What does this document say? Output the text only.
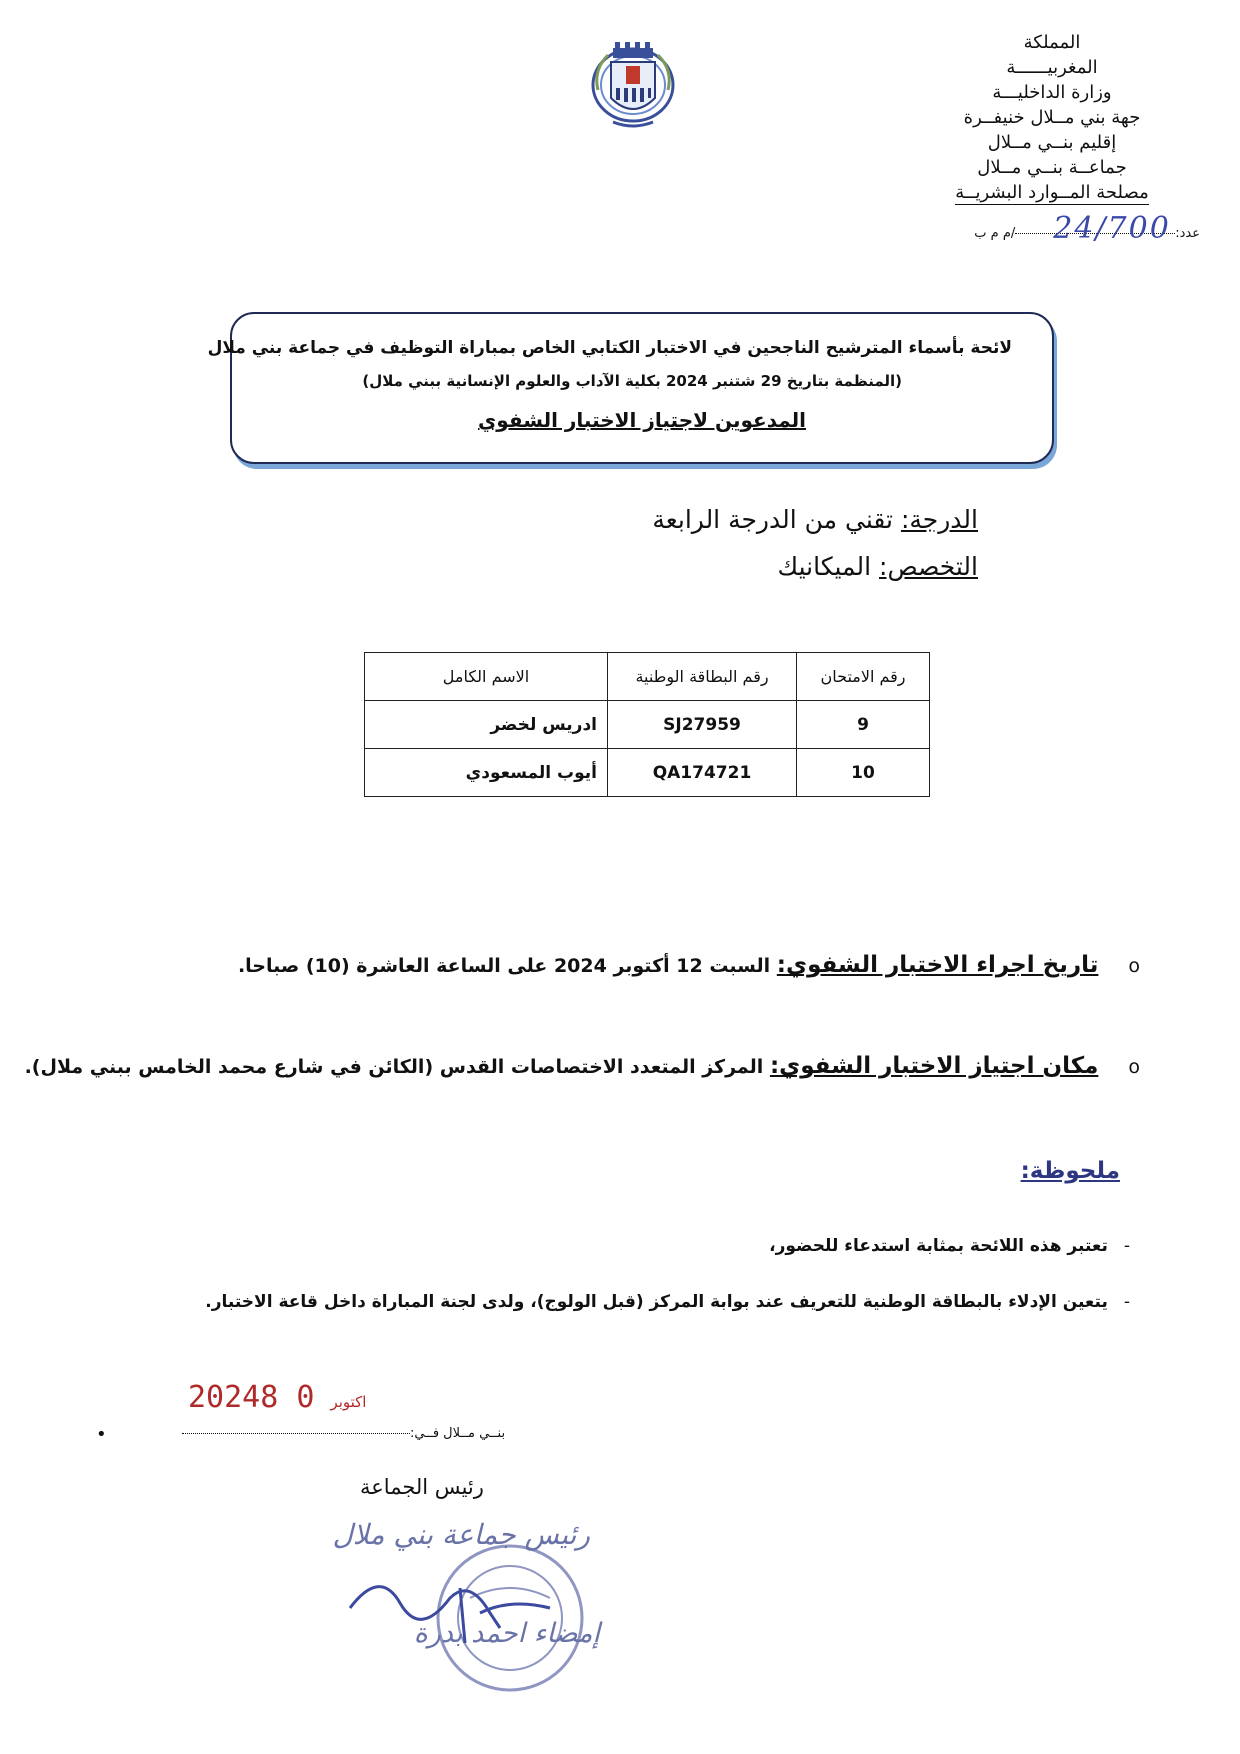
المملكة
المغربيــــــة
وزارة الداخليـــة
جهة بني مــلال خنيفــرة
إقليم بنــي مــلال
جماعــة بنــي مــلال
مصلحة المــوارد البشريــة
عدد:
24/700
/م م ب
لائحة بأسماء المترشيح الناجحين في الاختبار الكتابي الخاص بمباراة التوظيف في جماعة بني ملال
(المنظمة بتاريخ 29 شتنبر 2024 بكلية الآداب والعلوم الإنسانية ببني ملال)
المدعوين لاجتياز الاختبار الشفوي
الدرجة: تقني من الدرجة الرابعة
التخصص: الميكانيك
رقم الامتحان	رقم البطاقة الوطنية	الاسم الكامل
9	SJ27959	ادريس لخضر
10	QA174721	أيوب المسعودي
oتاريخ اجراء الاختبار الشفوي: السبت 12 أكتوبر 2024 على الساعة العاشرة (10) صباحا.
oمكان اجتياز الاختبار الشفوي: المركز المتعدد الاختصاصات القدس (الكائن في شارع محمد الخامس ببني ملال).
ملحوظة:
-تعتبر هذه اللائحة بمثابة استدعاء للحضور،
-يتعين الإدلاء بالبطاقة الوطنية للتعريف عند بوابة المركز (قبل الولوج)، ولدى لجنة المباراة داخل قاعة الاختبار.
2024	اكتوبر0 8
بنــي مــلال فــي:
•
رئيس الجماعة
رئيس جماعة بني ملال
إمضاء احمد بدرة
